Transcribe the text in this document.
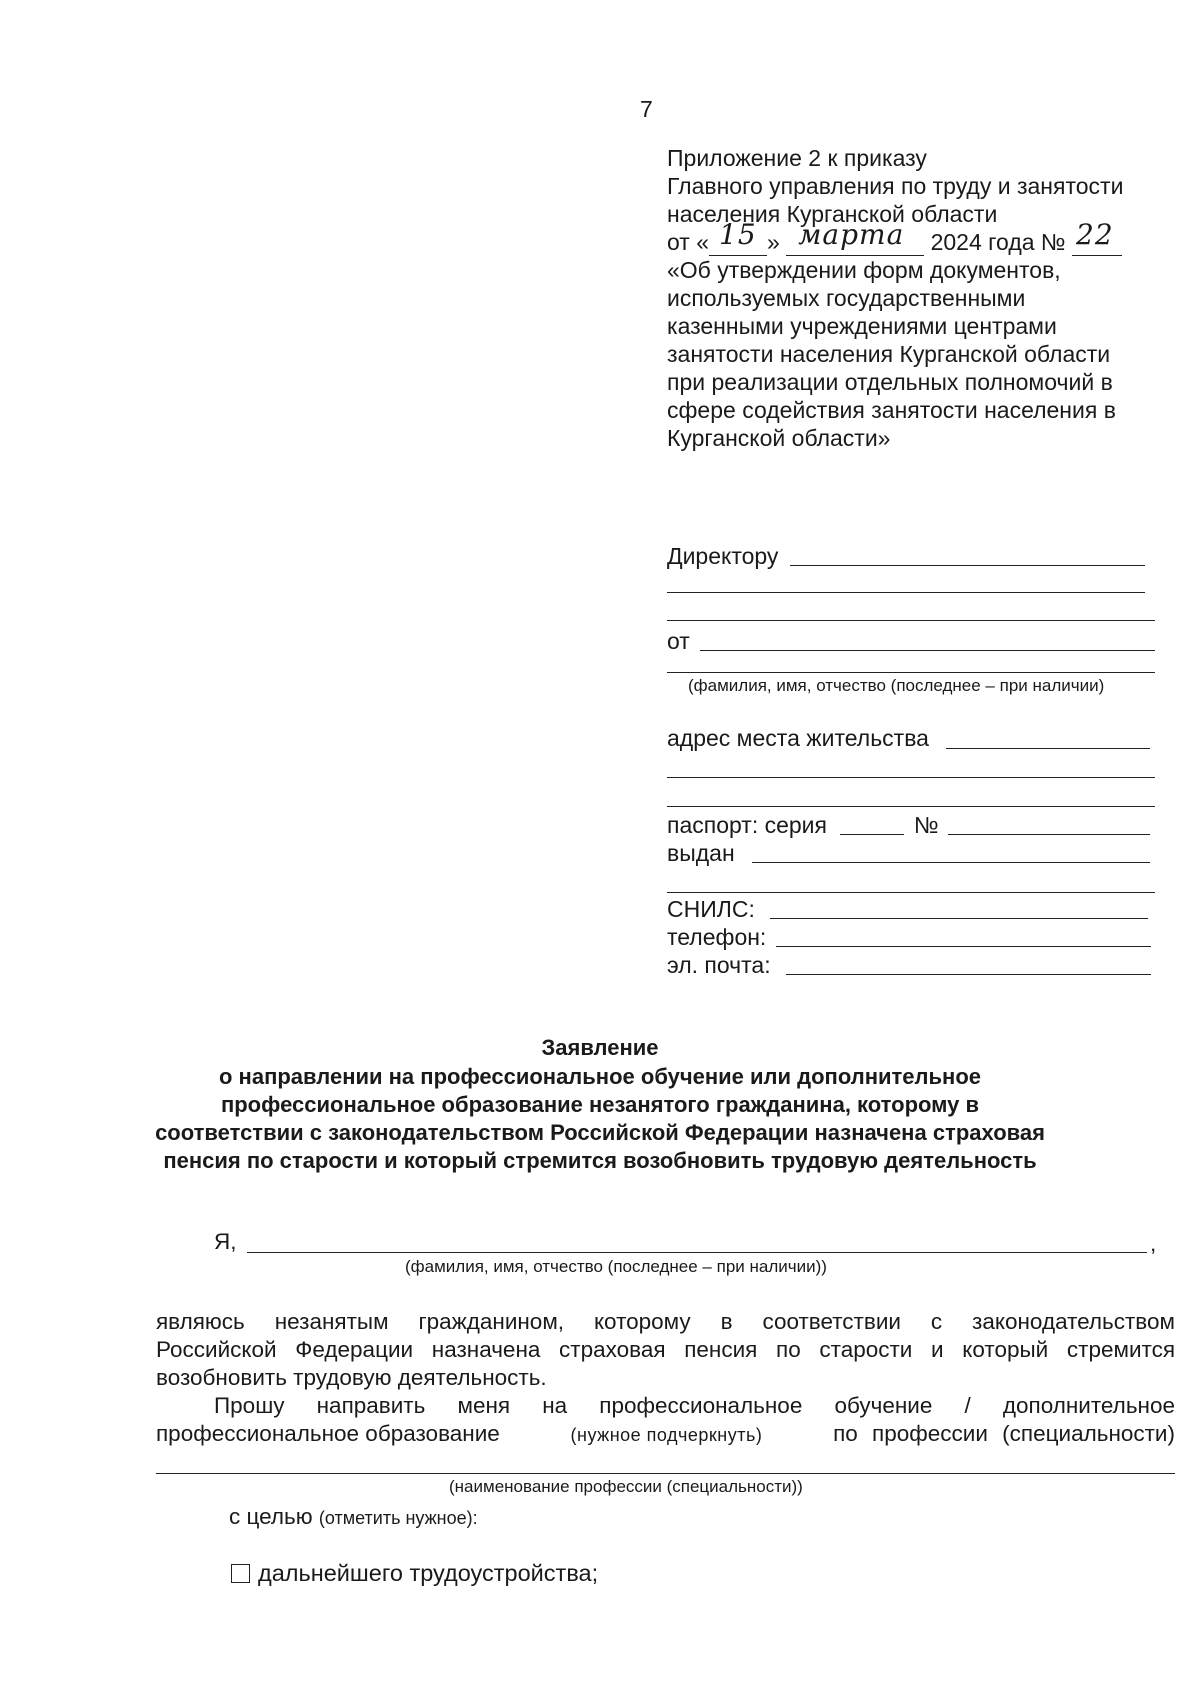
7
Приложение 2 к приказу
Главного управления по труду и занятости
населения Курганской области
от « 15 » марта 2024 года № 22
«Об утверждении форм документов,
используемых государственными
казенными учреждениями центрами
занятости населения Курганской области
при реализации отдельных полномочий в
сфере содействия занятости населения в
Курганской области»
Директору
от
(фамилия, имя, отчество (последнее – при наличии)
адрес места жительства
паспорт: серия	№
выдан
СНИЛС:
телефон:
эл. почта:
Заявление
о направлении на профессиональное обучение или дополнительное
профессиональное образование незанятого гражданина, которому в
соответствии с законодательством Российской Федерации назначена страховая
пенсия по старости и который стремится возобновить трудовую деятельность
Я,	,
(фамилия, имя, отчество (последнее – при наличии))
являюсь незанятым гражданином, которому в соответствии с законодательством
Российской Федерации назначена страховая пенсия по старости и который стремится
возобновить трудовую деятельность.
Прошу направить меня на профессиональное обучение / дополнительное
профессиональное образование	(нужное подчеркнуть)	по профессии (специальности)
(наименование профессии (специальности))
с целью (отметить нужное):
дальнейшего трудоустройства;
